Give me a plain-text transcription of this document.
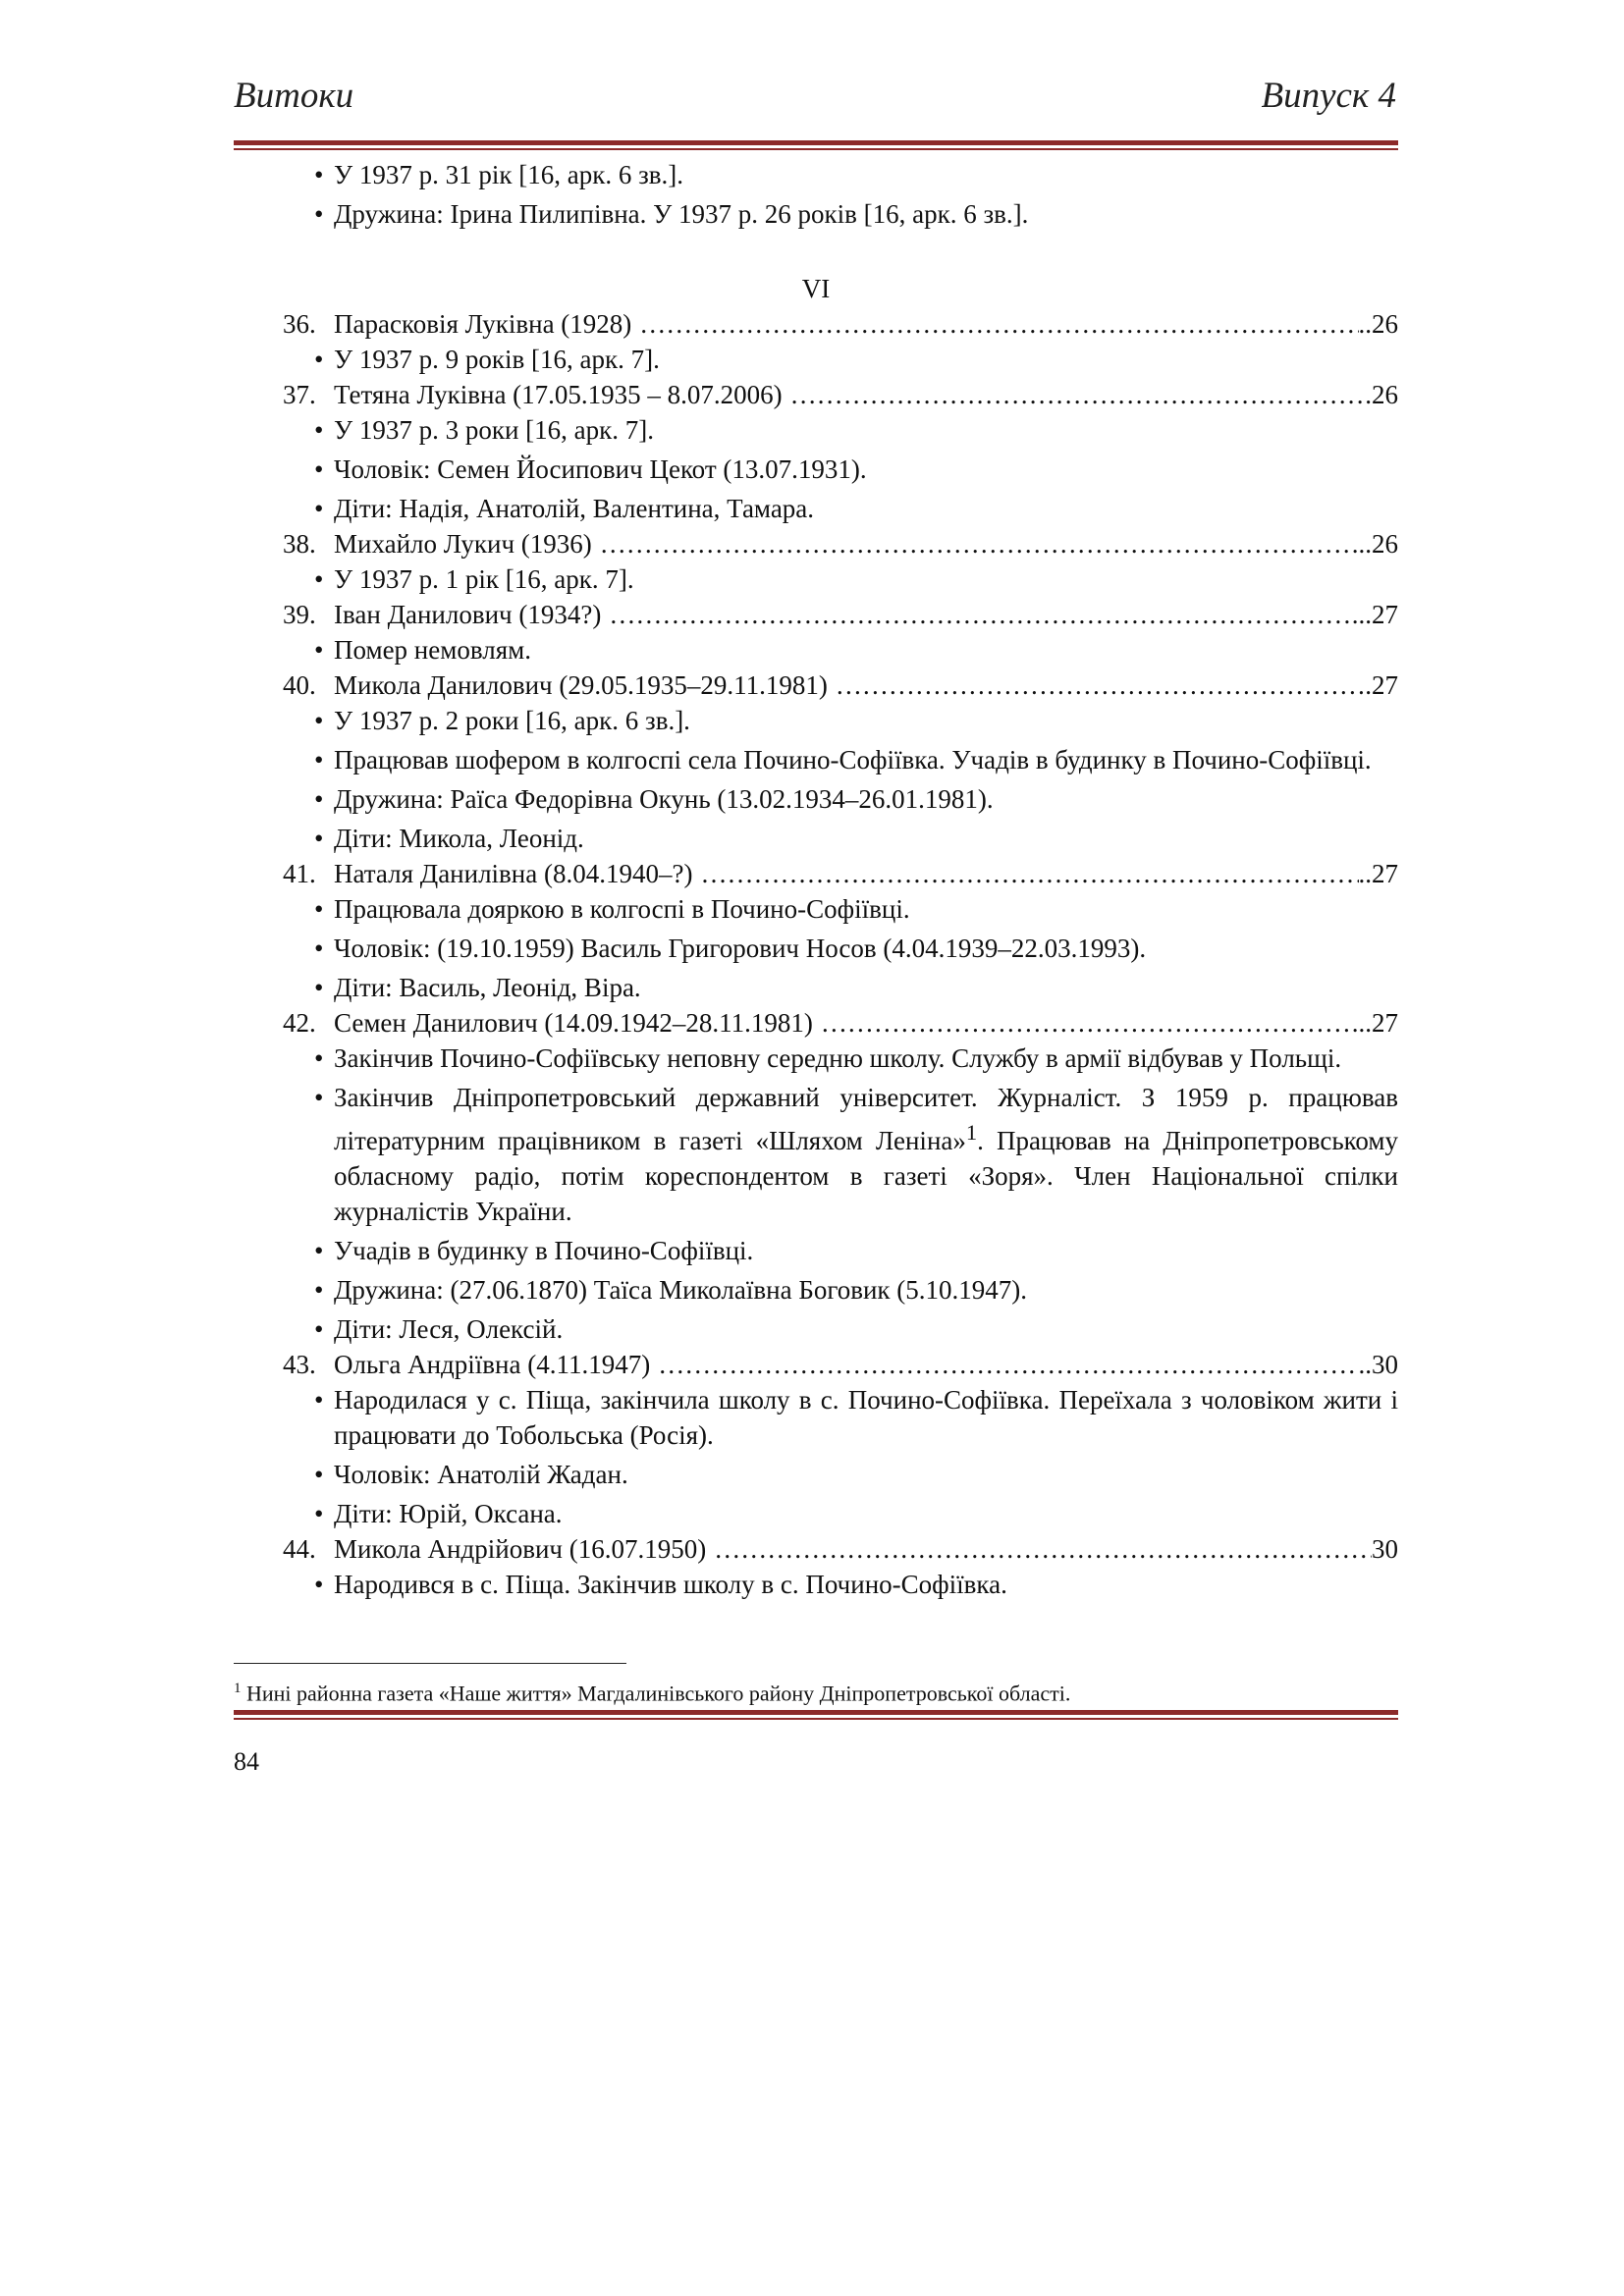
Витоки	Випуск 4
• У 1937 р. 31 рік [16, арк. 6 зв.].
• Дружина: Ірина Пилипівна. У 1937 р. 26 років [16, арк. 6 зв.].
VI
36. Парасковія Луківна (1928) …………………………………………………………………………………………………………………………………………………………………………	..26
• У 1937 р. 9 років [16, арк. 7].
37. Тетяна Луківна (17.05.1935 – 8.07.2006) …………………………………………………………………………………………………………………………………………………………………………	.26
• У 1937 р. 3 роки [16, арк. 7].
• Чоловік: Семен Йосипович Цекот (13.07.1931).
• Діти: Надія, Анатолій, Валентина, Тамара.
38. Михайло Лукич (1936) …………………………………………………………………………………………………………………………………………………………………………	...26
• У 1937 р. 1 рік [16, арк. 7].
39. Іван Данилович (1934?) …………………………………………………………………………………………………………………………………………………………………………	...27
• Помер немовлям.
40. Микола Данилович (29.05.1935–29.11.1981) …………………………………………………………………………………………………………………………………………………………………………	.27
• У 1937 р. 2 роки [16, арк. 6 зв.].
• Працював шофером в колгоспі села Почино-Софіївка. Учадів в будинку в Почино-Софіївці.
• Дружина: Раїса Федорівна Окунь (13.02.1934–26.01.1981).
• Діти: Микола, Леонід.
41. Наталя Данилівна (8.04.1940–?) …………………………………………………………………………………………………………………………………………………………………………	..27
• Працювала дояркою в колгоспі в Почино-Софіївці.
• Чоловік: (19.10.1959) Василь Григорович Носов (4.04.1939–22.03.1993).
• Діти: Василь, Леонід, Віра.
42. Семен Данилович (14.09.1942–28.11.1981) …………………………………………………………………………………………………………………………………………………………………………	...27
• Закінчив Почино-Софіївську неповну середню школу. Службу в армії відбував у Польщі.
• Закінчив Дніпропетровський державний університет. Журналіст. З 1959 р. працював літературним працівником в газеті «Шляхом Леніна»$^1$. Працював на Дніпропетровському обласному радіо, потім кореспондентом в газеті «Зоря». Член Національної спілки журналістів України.
• Учадів в будинку в Почино-Софіївці.
• Дружина: (27.06.1870) Таїса Миколаївна Боговик (5.10.1947).
• Діти: Леся, Олексій.
43. Ольга Андріївна (4.11.1947) …………………………………………………………………………………………………………………………………………………………………………	..30
• Народилася у с. Піща, закінчила школу в с. Почино-Софіївка. Переїхала з чоловіком жити і працювати до Тобольська (Росія).
• Чоловік: Анатолій Жадан.
• Діти: Юрій, Оксана.
44. Микола Андрійович (16.07.1950) …………………………………………………………………………………………………………………………………………………………………………	30
• Народився в с. Піща. Закінчив школу в с. Почино-Софіївка.
$^1$ Нині районна газета «Наше життя» Магдалинівського району Дніпропетровської області.
84
